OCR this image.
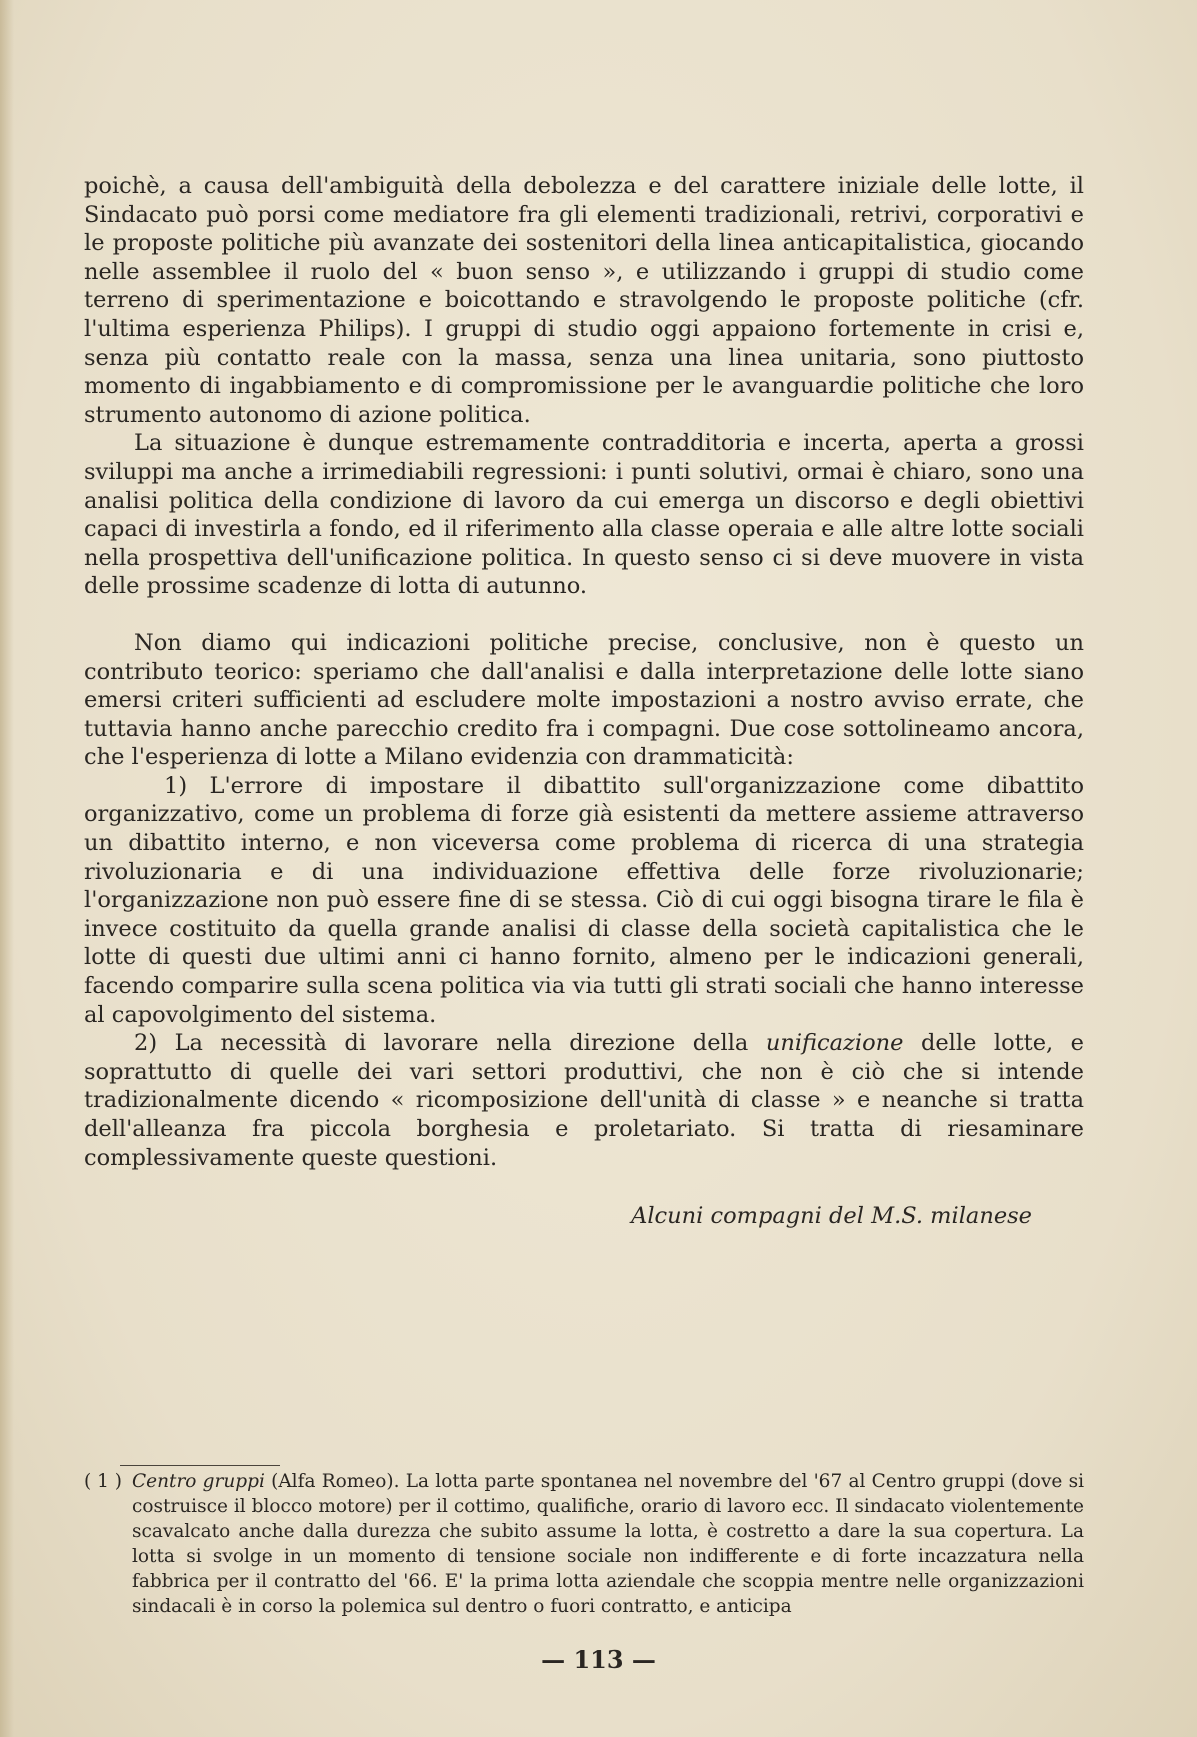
poichè, a causa dell'ambiguità della debolezza e del carattere iniziale delle lotte, il Sindacato può porsi come mediatore fra gli elementi tradizionali, retrivi, corporativi e le proposte politiche più avanzate dei sostenitori della linea anticapitalistica, giocando nelle assemblee il ruolo del « buon senso », e utilizzando i gruppi di studio come terreno di sperimentazione e boicottando e stravolgendo le proposte politiche (cfr. l'ultima esperienza Philips). I gruppi di studio oggi appaiono fortemente in crisi e, senza più contatto reale con la massa, senza una linea unitaria, sono piuttosto momento di ingabbiamento e di compromissione per le avanguardie politiche che loro strumento autonomo di azione politica.

La situazione è dunque estremamente contradditoria e incerta, aperta a grossi sviluppi ma anche a irrimediabili regressioni: i punti solutivi, ormai è chiaro, sono una analisi politica della condizione di lavoro da cui emerga un discorso e degli obiettivi capaci di investirla a fondo, ed il riferimento alla classe operaia e alle altre lotte sociali nella prospettiva dell'unificazione politica. In questo senso ci si deve muovere in vista delle prossime scadenze di lotta di autunno.

Non diamo qui indicazioni politiche precise, conclusive, non è questo un contributo teorico: speriamo che dall'analisi e dalla interpretazione delle lotte siano emersi criteri sufficienti ad escludere molte impostazioni a nostro avviso errate, che tuttavia hanno anche parecchio credito fra i compagni. Due cose sottolineamo ancora, che l'esperienza di lotte a Milano evidenzia con drammaticità:

1) L'errore di impostare il dibattito sull'organizzazione come dibattito organizzativo, come un problema di forze già esistenti da mettere assieme attraverso un dibattito interno, e non viceversa come problema di ricerca di una strategia rivoluzionaria e di una individuazione effettiva delle forze rivoluzionarie; l'organizzazione non può essere fine di se stessa. Ciò di cui oggi bisogna tirare le fila è invece costituito da quella grande analisi di classe della società capitalistica che le lotte di questi due ultimi anni ci hanno fornito, almeno per le indicazioni generali, facendo comparire sulla scena politica via via tutti gli strati sociali che hanno interesse al capovolgimento del sistema.

2) La necessità di lavorare nella direzione della unificazione delle lotte, e soprattutto di quelle dei vari settori produttivi, che non è ciò che si intende tradizionalmente dicendo « ricomposizione dell'unità di classe » e neanche si tratta dell'alleanza fra piccola borghesia e proletariato. Si tratta di riesaminare complessivamente queste questioni.

Alcuni compagni del M.S. milanese

( 1 ) Centro gruppi (Alfa Romeo). La lotta parte spontanea nel novembre del '67 al Centro gruppi (dove si costruisce il blocco motore) per il cottimo, qualifiche, orario di lavoro ecc. Il sindacato violentemente scavalcato anche dalla durezza che subito assume la lotta, è costretto a dare la sua copertura. La lotta si svolge in un momento di tensione sociale non indifferente e di forte incazzatura nella fabbrica per il contratto del '66. E' la prima lotta aziendale che scoppia mentre nelle organizzazioni sindacali è in corso la polemica sul dentro o fuori contratto, e anticipa
— 113 —
